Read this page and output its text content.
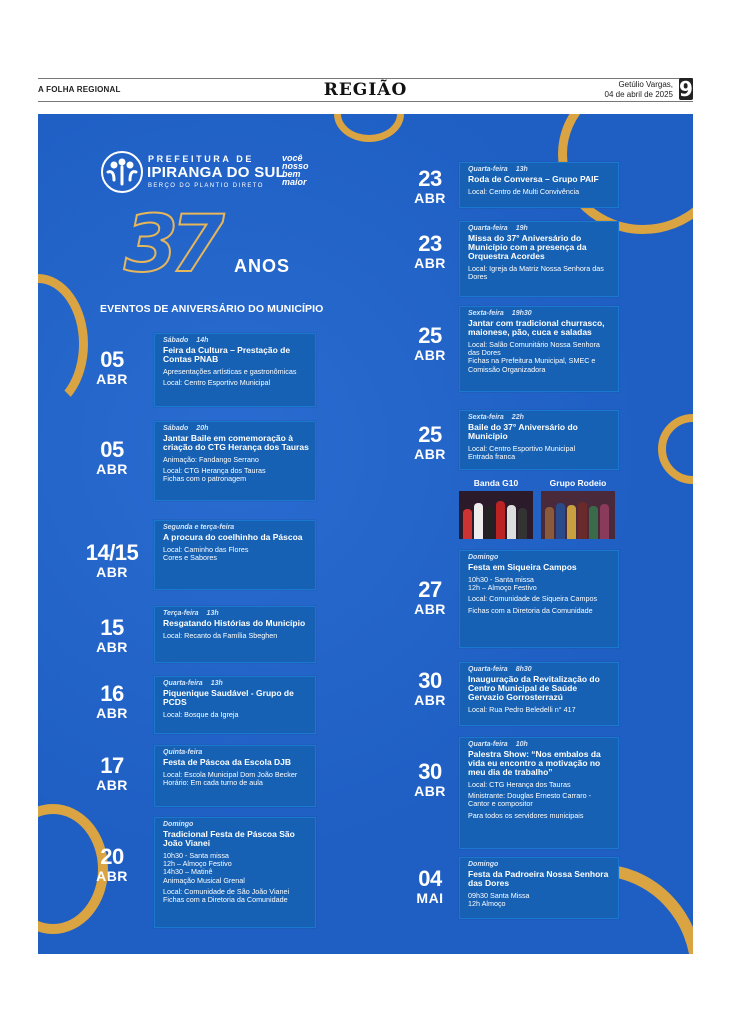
A FOLHA REGIONAL	REGIÃO	Getúlio Vargas,
04 de abril de 2025 9
PREFEITURA DE
IPIRANGA DO SUL
BERÇO DO PLANTIO DIRETO
você
nosso
bem
maior
37 ANOS
EVENTOS DE ANIVERSÁRIO DO MUNICÍPIO
Banda G10	Grupo Rodeio
05
ABR
Sábado 14h
Feira da Cultura – Prestação de Contas PNAB
Apresentações artísticas e gastronômicas
Local: Centro Esportivo Municipal
05
ABR
Sábado 20h
Jantar Baile em comemoração à criação do CTG Herança dos Tauras
Animação: Fandango Serrano
Local: CTG Herança dos Tauras
Fichas com o patronagem
14/15
ABR
Segunda e terça-feira
A procura do coelhinho da Páscoa
Local: Caminho das Flores
Cores e Sabores
15
ABR
Terça-feira 13h
Resgatando Histórias do Município
Local: Recanto da Família Sbeghen
16
ABR
Quarta-feira 13h
Piquenique Saudável - Grupo de PCDS
Local: Bosque da Igreja
17
ABR
Quinta-feira
Festa de Páscoa da Escola DJB
Local: Escola Municipal Dom João Becker
Horário: Em cada turno de aula
20
ABR
Domingo
Tradicional Festa de Páscoa São João Vianei
10h30 - Santa missa
12h – Almoço Festivo
14h30 – Matinê
Animação Musical Grenal
Local: Comunidade de São João Vianei
Fichas com a Diretoria da Comunidade
23
ABR
Quarta-feira 13h
Roda de Conversa – Grupo PAIF
Local: Centro de Multi Convivência
23
ABR
Quarta-feira 19h
Missa do 37° Aniversário do Município com a presença da Orquestra Acordes
Local: Igreja da Matriz Nossa Senhora das Dores
25
ABR
Sexta-feira 19h30
Jantar com tradicional churrasco, maionese, pão, cuca e saladas
Local: Salão Comunitário Nossa Senhora das Dores
Fichas na Prefeitura Municipal, SMEC e Comissão Organizadora
25
ABR
Sexta-feira 22h
Baile do 37° Aniversário do Município
Local: Centro Esportivo Municipal
Entrada franca
27
ABR
Domingo
Festa em Siqueira Campos
10h30 - Santa missa
12h – Almoço Festivo
Local: Comunidade de Siqueira Campos
Fichas com a Diretoria da Comunidade
30
ABR
Quarta-feira 8h30
Inauguração da Revitalização do Centro Municipal de Saúde Gervazio Gorrosterrazú
Local: Rua Pedro Beledelli n° 417
30
ABR
Quarta-feira 10h
Palestra Show: “Nos embalos da vida eu encontro a motivação no meu dia de trabalho”
Local: CTG Herança dos Tauras
Ministrante: Douglas Ernesto Carraro - Cantor e compositor
Para todos os servidores municipais
04
MAI
Domingo
Festa da Padroeira Nossa Senhora das Dores
09h30 Santa Missa
12h Almoço
